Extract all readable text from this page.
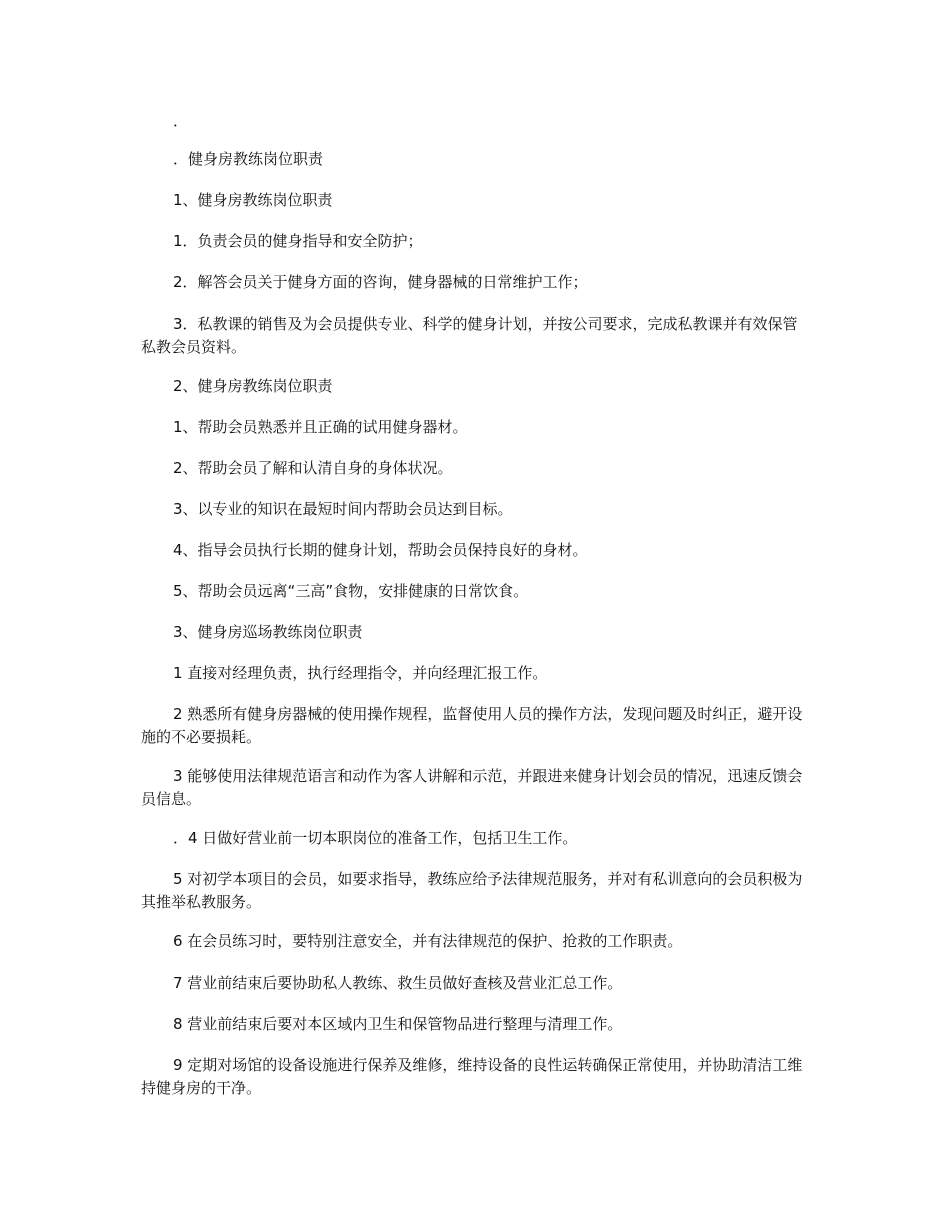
．

．健身房教练岗位职责

1、健身房教练岗位职责

1．负责会员的健身指导和安全防护；

2．解答会员关于健身方面的咨询，健身器械的日常维护工作；

3．私教课的销售及为会员提供专业、科学的健身计划，并按公司要求，完成私教课并有效保管私教会员资料。

2、健身房教练岗位职责

1、帮助会员熟悉并且正确的试用健身器材。

2、帮助会员了解和认清自身的身体状况。

3、以专业的知识在最短时间内帮助会员达到目标。

4、指导会员执行长期的健身计划，帮助会员保持良好的身材。

5、帮助会员远离“三高”食物，安排健康的日常饮食。

3、健身房巡场教练岗位职责

1 直接对经理负责，执行经理指令，并向经理汇报工作。

2 熟悉所有健身房器械的使用操作规程，监督使用人员的操作方法，发现问题及时纠正，避开设施的不必要损耗。

3 能够使用法律规范语言和动作为客人讲解和示范，并跟进来健身计划会员的情况，迅速反馈会员信息。

．4 日做好营业前一切本职岗位的准备工作，包括卫生工作。

5 对初学本项目的会员，如要求指导，教练应给予法律规范服务，并对有私训意向的会员积极为其推举私教服务。

6 在会员练习时，要特别注意安全，并有法律规范的保护、抢救的工作职责。

7 营业前结束后要协助私人教练、救生员做好查核及营业汇总工作。

8 营业前结束后要对本区域内卫生和保管物品进行整理与清理工作。

9 定期对场馆的设备设施进行保养及维修，维持设备的良性运转确保正常使用，并协助清洁工维持健身房的干净。
